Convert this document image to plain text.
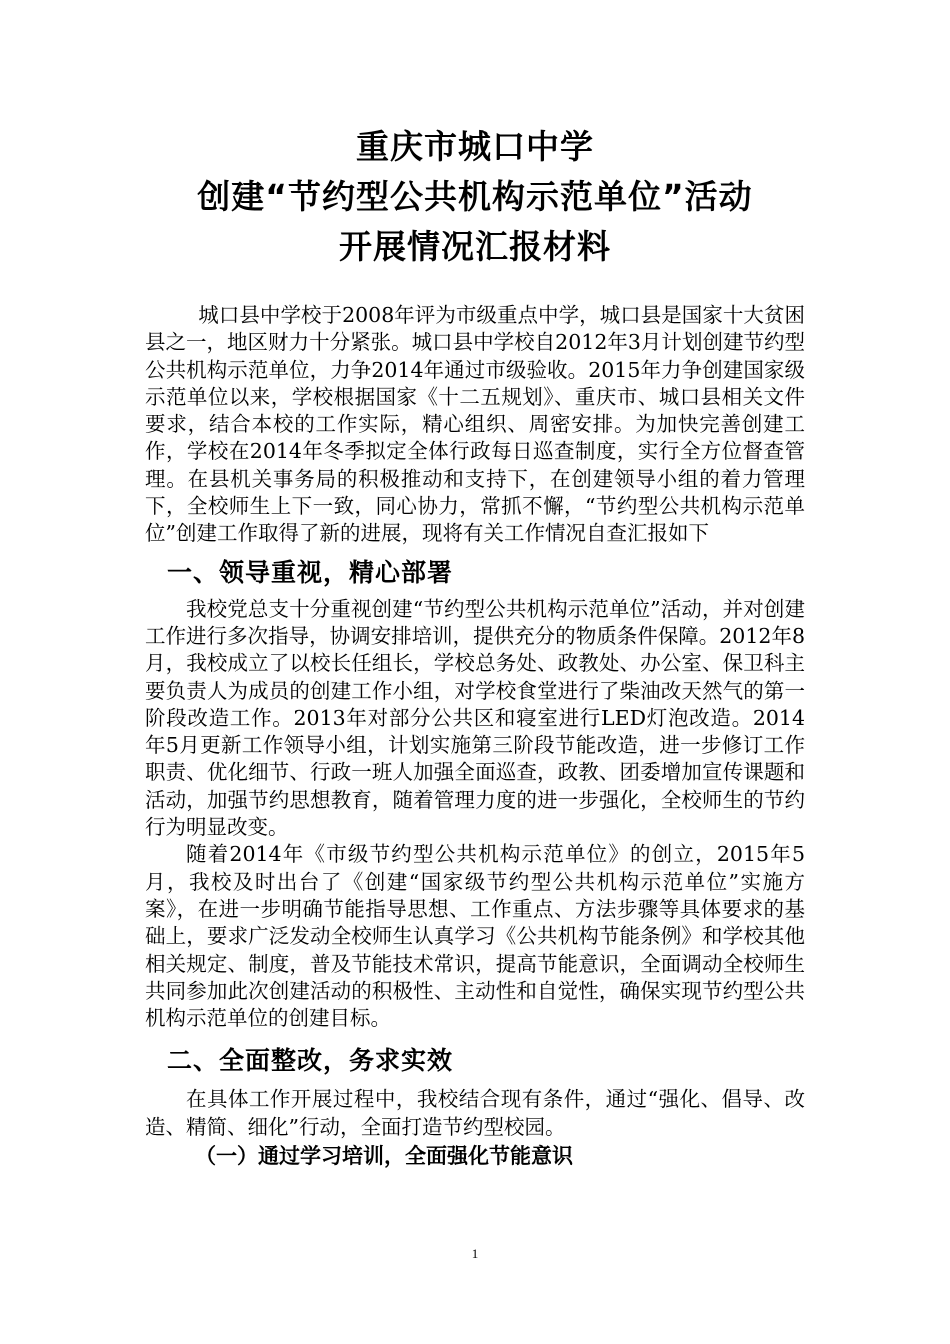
重庆市城口中学
创建“节约型公共机构示范单位”活动
开展情况汇报材料

城口县中学校于2008年评为市级重点中学，城口县是国家十大贫困县之一，地区财力十分紧张。城口县中学校自2012年3月计划创建节约型公共机构示范单位，力争2014年通过市级验收。2015年力争创建国家级示范单位以来，学校根据国家《十二五规划》、重庆市、城口县相关文件要求，结合本校的工作实际，精心组织、周密安排。为加快完善创建工作，学校在2014年冬季拟定全体行政每日巡查制度，实行全方位督查管理。在县机关事务局的积极推动和支持下，在创建领导小组的着力管理下，全校师生上下一致，同心协力，常抓不懈，“节约型公共机构示范单位”创建工作取得了新的进展，现将有关工作情况自查汇报如下

一、领导重视，精心部署

我校党总支十分重视创建“节约型公共机构示范单位”活动，并对创建工作进行多次指导，协调安排培训，提供充分的物质条件保障。2012年8月，我校成立了以校长任组长，学校总务处、政教处、办公室、保卫科主要负责人为成员的创建工作小组，对学校食堂进行了柴油改天然气的第一阶段改造工作。2013年对部分公共区和寝室进行LED灯泡改造。2014年5月更新工作领导小组，计划实施第三阶段节能改造，进一步修订工作职责、优化细节、行政一班人加强全面巡查，政教、团委增加宣传课题和活动，加强节约思想教育，随着管理力度的进一步强化，全校师生的节约行为明显改变。

随着2014年《市级节约型公共机构示范单位》的创立，2015年5月，我校及时出台了《创建“国家级节约型公共机构示范单位”实施方案》，在进一步明确节能指导思想、工作重点、方法步骤等具体要求的基础上，要求广泛发动全校师生认真学习《公共机构节能条例》和学校其他相关规定、制度，普及节能技术常识，提高节能意识，全面调动全校师生共同参加此次创建活动的积极性、主动性和自觉性，确保实现节约型公共机构示范单位的创建目标。

二、全面整改，务求实效

在具体工作开展过程中，我校结合现有条件，通过“强化、倡导、改造、精简、细化”行动，全面打造节约型校园。

（一）通过学习培训，全面强化节能意识
1
